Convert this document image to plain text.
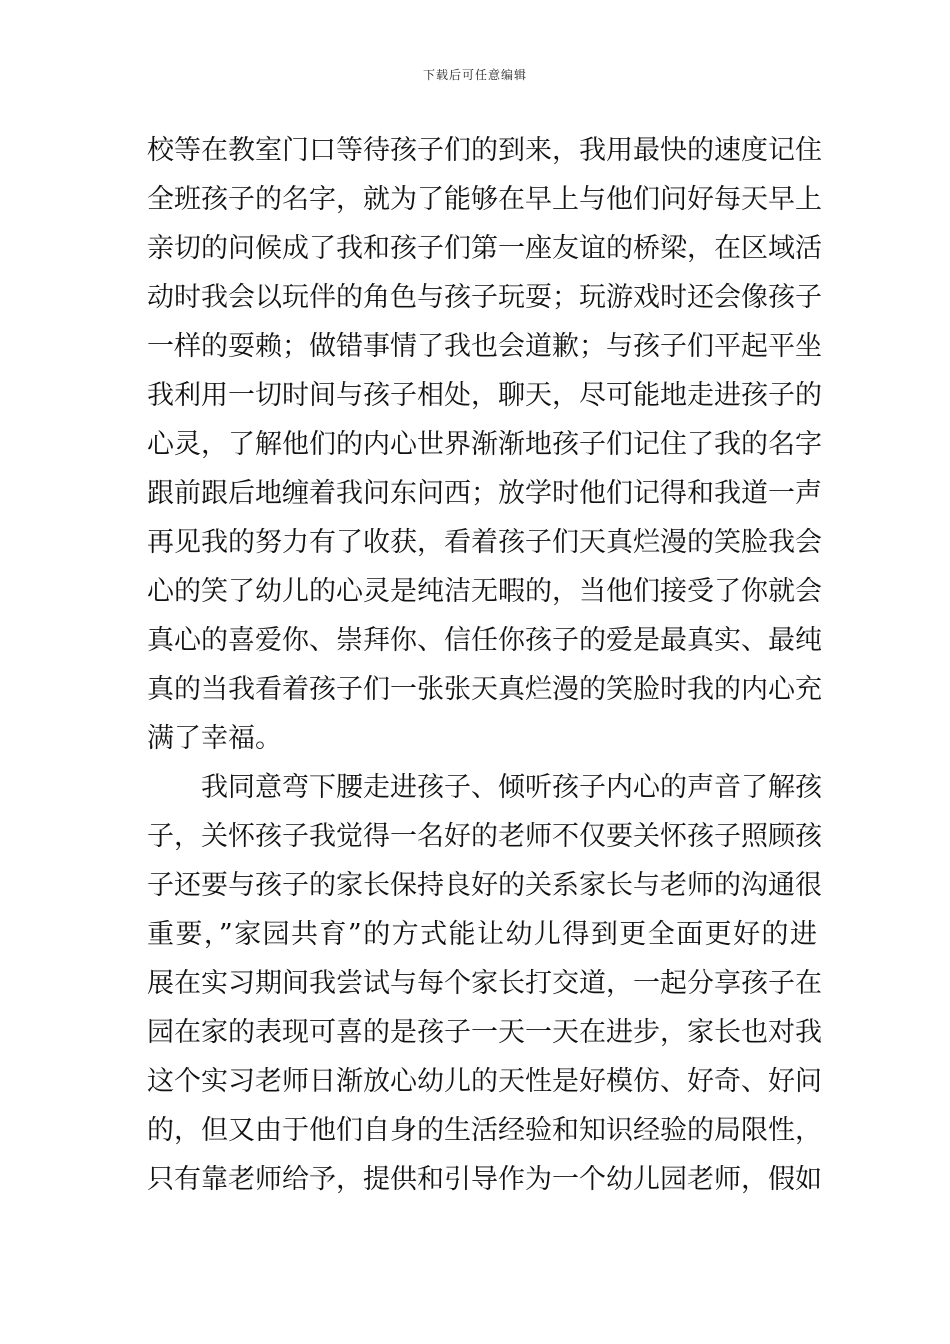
下载后可任意编辑
校等在教室门口等待孩子们的到来，我用最快的速度记住
全班孩子的名字，就为了能够在早上与他们问好每天早上
亲切的问候成了我和孩子们第一座友谊的桥梁，在区域活
动时我会以玩伴的角色与孩子玩耍；玩游戏时还会像孩子
一样的耍赖；做错事情了我也会道歉；与孩子们平起平坐
我利用一切时间与孩子相处，聊天，尽可能地走进孩子的
心灵，了解他们的内心世界渐渐地孩子们记住了我的名字
跟前跟后地缠着我问东问西；放学时他们记得和我道一声
再见我的努力有了收获，看着孩子们天真烂漫的笑脸我会
心的笑了幼儿的心灵是纯洁无暇的，当他们接受了你就会
真心的喜爱你、崇拜你、信任你孩子的爱是最真实、最纯
真的当我看着孩子们一张张天真烂漫的笑脸时我的内心充
满了幸福。
我同意弯下腰走进孩子、倾听孩子内心的声音了解孩
子，关怀孩子我觉得一名好的老师不仅要关怀孩子照顾孩
子还要与孩子的家长保持良好的关系家长与老师的沟通很
重要，”家园共育”的方式能让幼儿得到更全面更好的进
展在实习期间我尝试与每个家长打交道，一起分享孩子在
园在家的表现可喜的是孩子一天一天在进步，家长也对我
这个实习老师日渐放心幼儿的天性是好模仿、好奇、好问
的，但又由于他们自身的生活经验和知识经验的局限性，
只有靠老师给予，提供和引导作为一个幼儿园老师，假如
